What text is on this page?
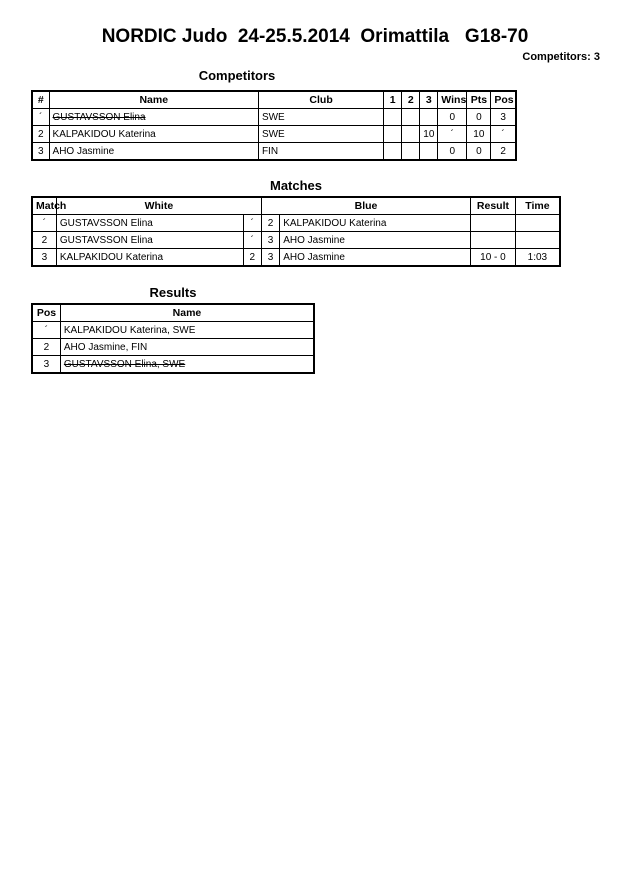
NORDIC Judo  24-25.5.2014  Orimattila   G18-70
Competitors: 3
Competitors
#	Name	Club	1	2	3	Wins	Pts	Pos
´	GUSTAVSSON Elina	SWE				0	0	3
2	KALPAKIDOU Katerina	SWE			10	´	10	´
3	AHO Jasmine	FIN				0	0	2
Matches
Match	White		Blue		Result	Time
´	GUSTAVSSON Elina	´	2	KALPAKIDOU Katerina		
2	GUSTAVSSON Elina	´	3	AHO Jasmine		
3	KALPAKIDOU Katerina	2	3	AHO Jasmine	10 - 0	1:03
Results
Pos	Name
´	KALPAKIDOU Katerina, SWE
2	AHO Jasmine, FIN
3	GUSTAVSSON Elina, SWE
